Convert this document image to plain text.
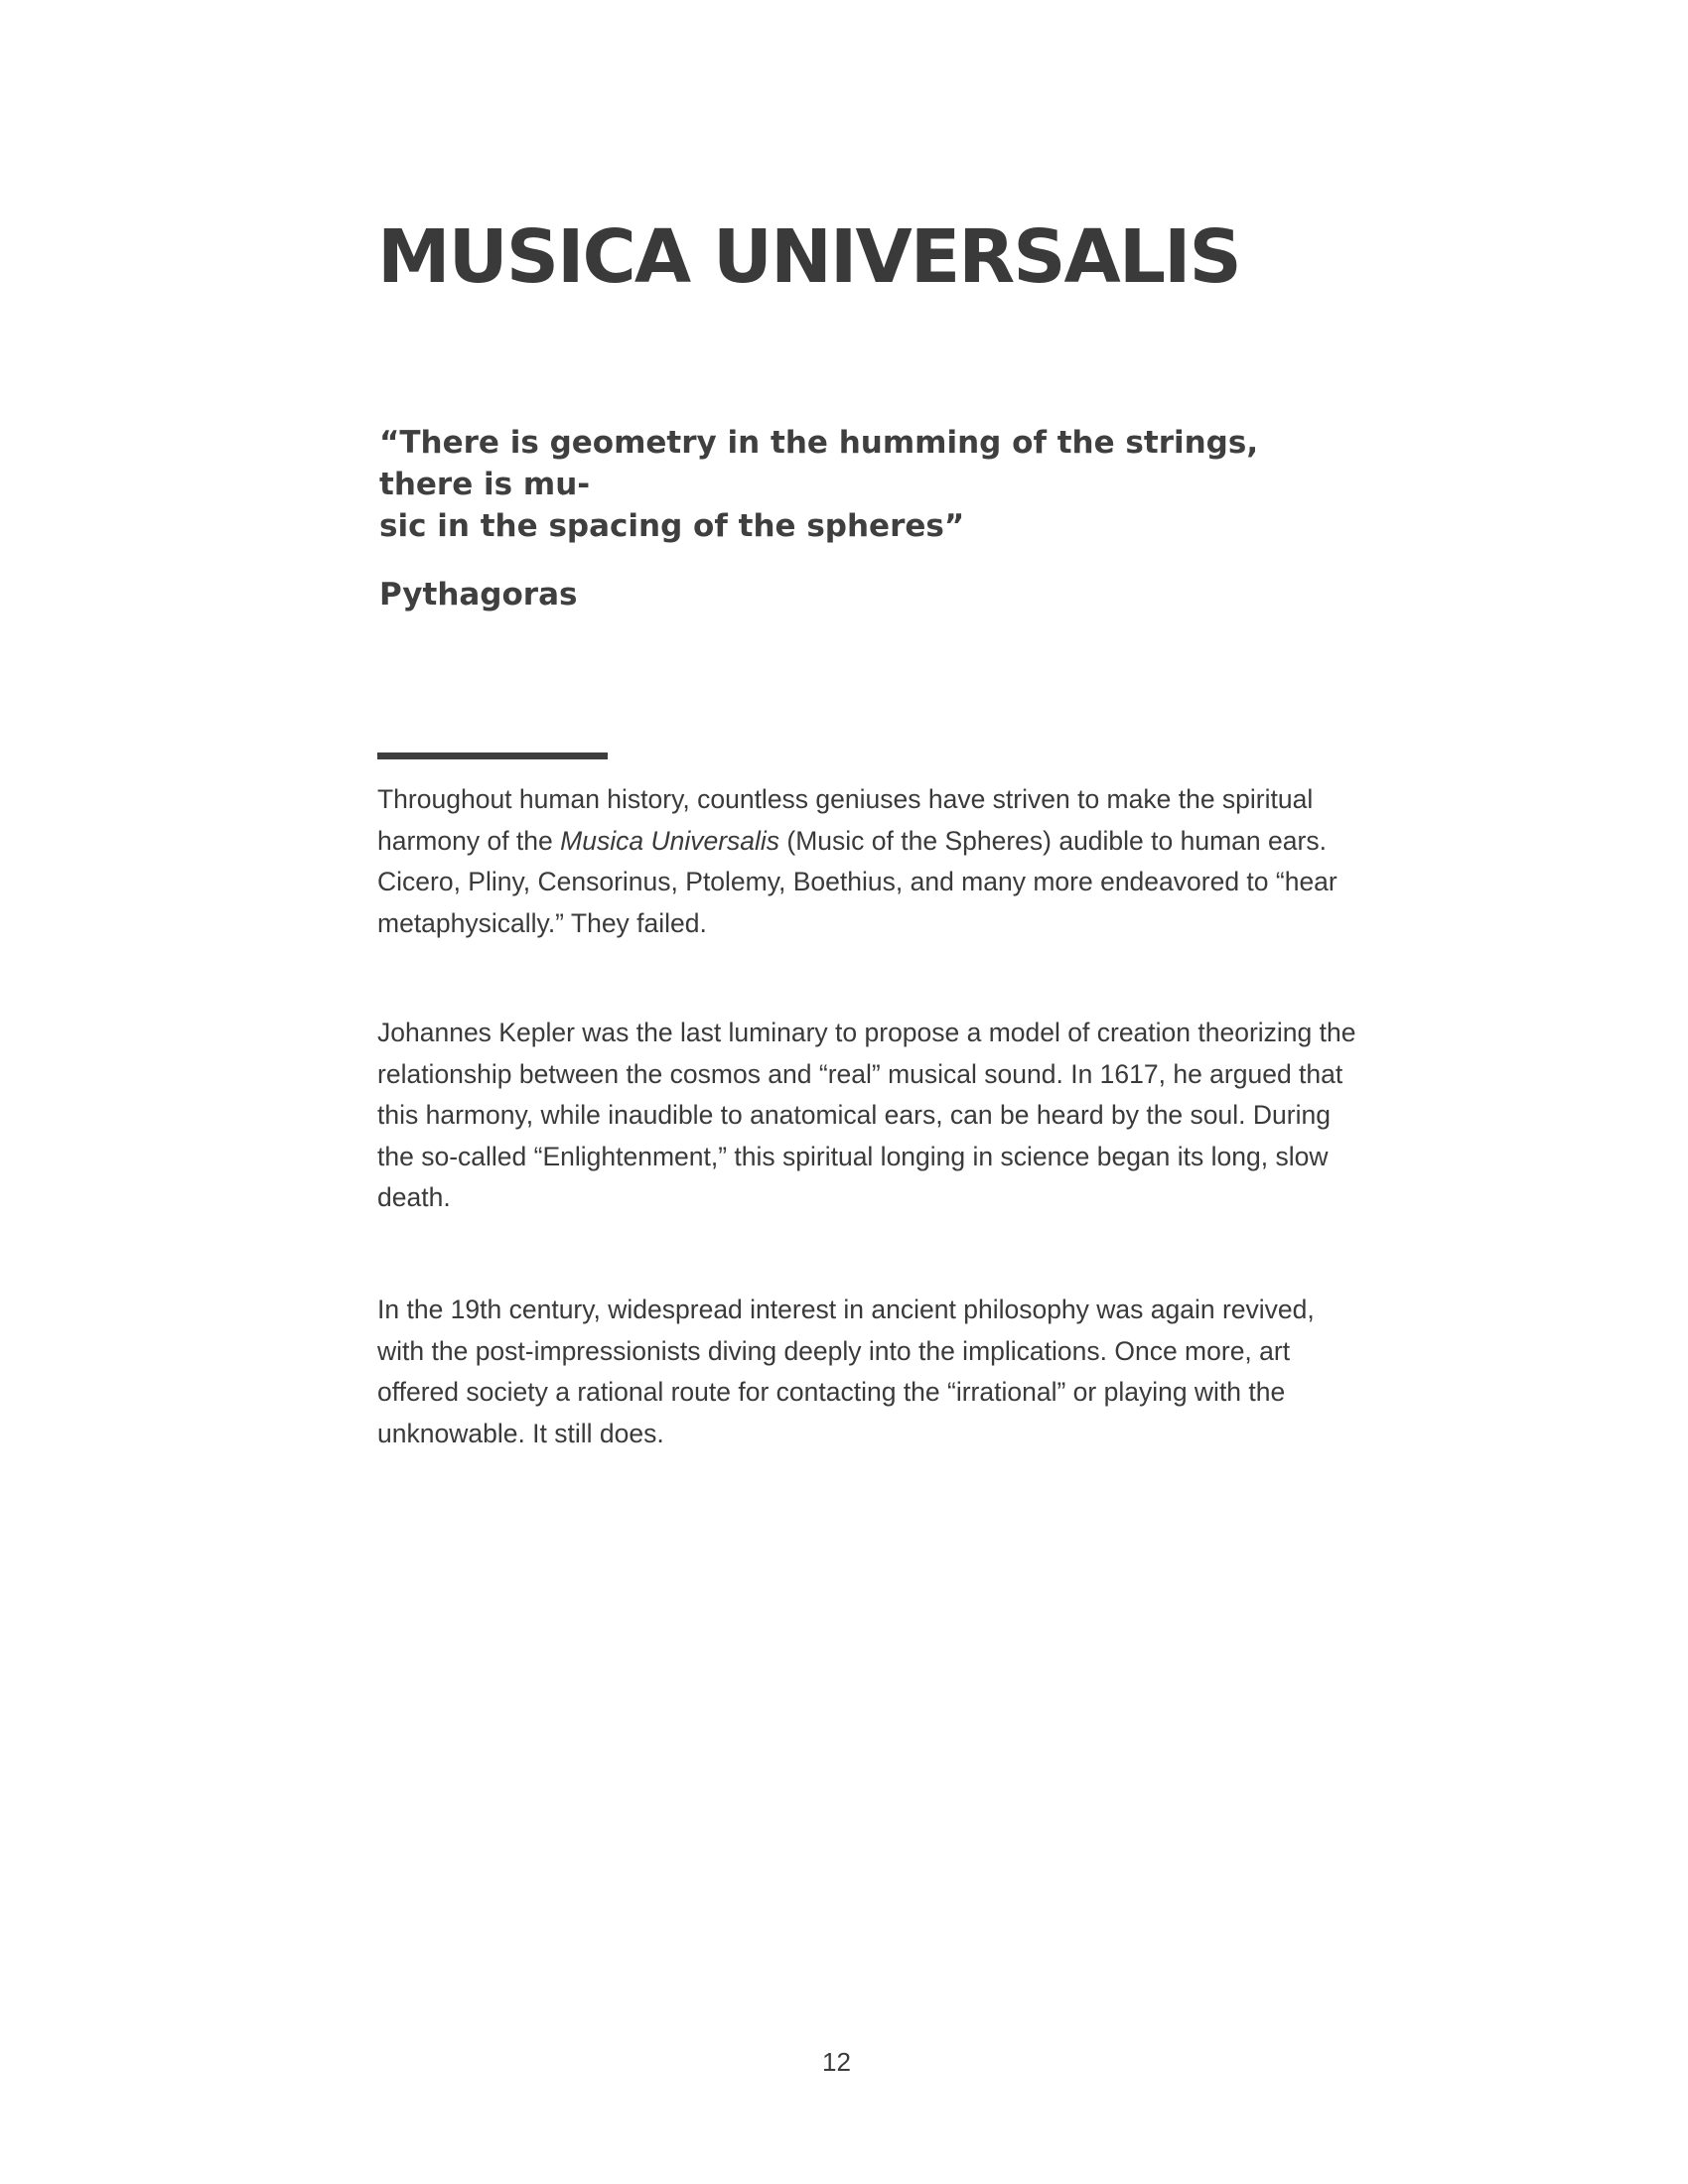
MUSICA UNIVERSALIS

“There is geometry in the humming of the strings, there is mu-
sic in the spacing of the spheres”

Pythagoras

Throughout human history, countless geniuses have striven to make the spiritual
harmony of the Musica Universalis (Music of the Spheres) audible to human ears.
Cicero, Pliny, Censorinus, Ptolemy, Boethius, and many more endeavored to “hear
metaphysically.” They failed.

Johannes Kepler was the last luminary to propose a model of creation theorizing the
relationship between the cosmos and “real” musical sound. In 1617, he argued that
this harmony, while inaudible to anatomical ears, can be heard by the soul. During
the so-called “Enlightenment,” this spiritual longing in science began its long, slow
death.

In the 19th century, widespread interest in ancient philosophy was again revived,
with the post-impressionists diving deeply into the implications. Once more, art
offered society a rational route for contacting the “irrational” or playing with the
unknowable. It still does.

12
